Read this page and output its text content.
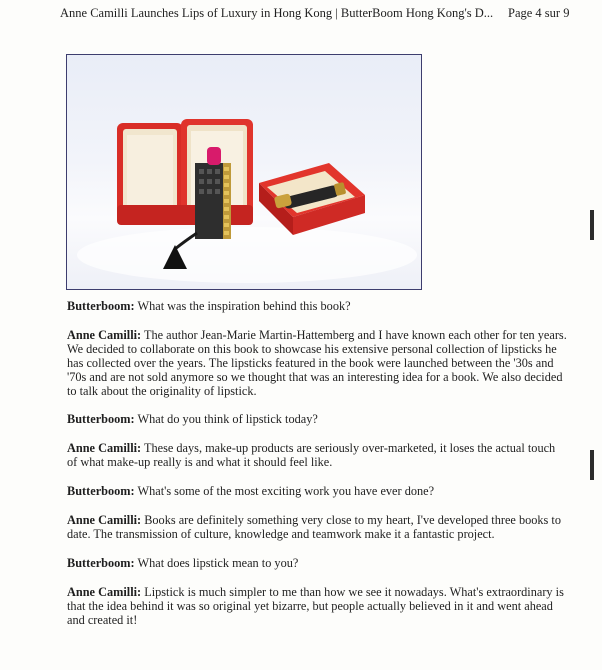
Anne Camilli Launches Lips of Luxury in Hong Kong | ButterBoom Hong Kong's D... Page 4 sur 9

Butterboom: What was the inspiration behind this book?

Anne Camilli: The author Jean-Marie Martin-Hattemberg and I have known each other for ten years. We decided to collaborate on this book to showcase his extensive personal collection of lipsticks he has collected over the years. The lipsticks featured in the book were launched between the '30s and '70s and are not sold anymore so we thought that was an interesting idea for a book. We also decided to talk about the originality of lipstick.

Butterboom: What do you think of lipstick today?

Anne Camilli: These days, make-up products are seriously over-marketed, it loses the actual touch of what make-up really is and what it should feel like.

Butterboom: What's some of the most exciting work you have ever done?

Anne Camilli: Books are definitely something very close to my heart, I've developed three books to date. The transmission of culture, knowledge and teamwork make it a fantastic project.

Butterboom: What does lipstick mean to you?

Anne Camilli: Lipstick is much simpler to me than how we see it nowadays. What's extraordinary is that the idea behind it was so original yet bizarre, but people actually believed in it and went ahead and created it!
